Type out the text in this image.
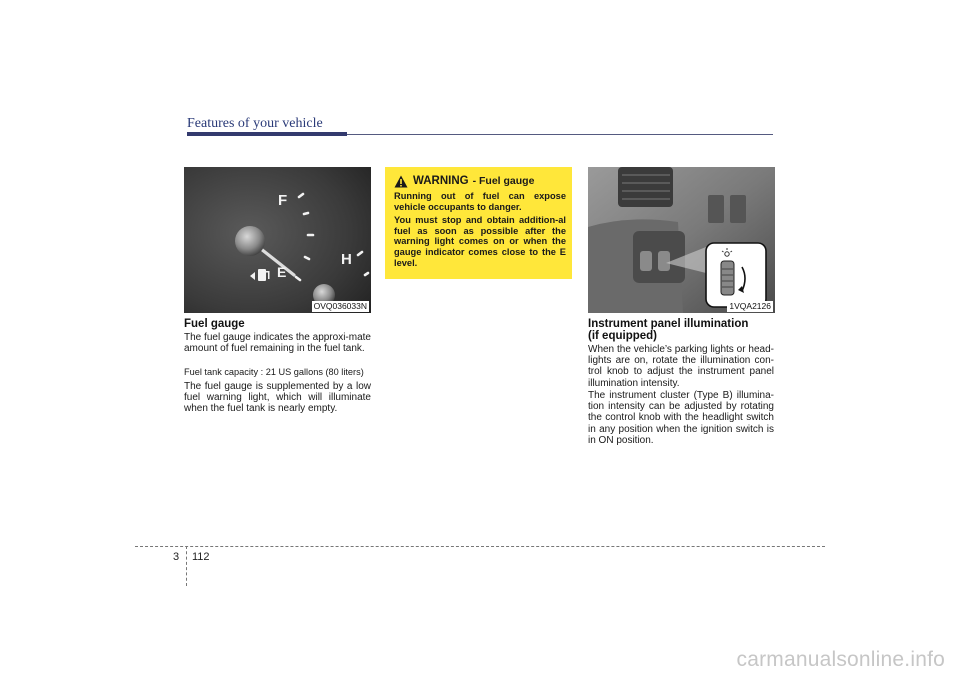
Features of your vehicle
F
E
H
OVQ036033N
Fuel gauge

The fuel gauge indicates the approxi-mate amount of fuel remaining in the fuel tank.

Fuel tank capacity : 21 US gallons (80 liters)

The fuel gauge is supplemented by a low fuel warning light, which will illuminate when the fuel tank is nearly empty.

WARNING - Fuel gauge

Running out of fuel can expose vehicle occupants to danger.

You must stop and obtain addition-al fuel as soon as possible after the warning light comes on or when the gauge indicator comes close to the E level.

1VQA2126
Instrument panel illumination
(if equipped)

When the vehicle’s parking lights or head-lights are on, rotate the illumination con-trol knob to adjust the instrument panel illumination intensity.

The instrument cluster (Type B) illumina-tion intensity can be adjusted by rotating the control knob with the headlight switch in any position when the ignition switch is in ON position.

3 112
carmanualsonline.info
